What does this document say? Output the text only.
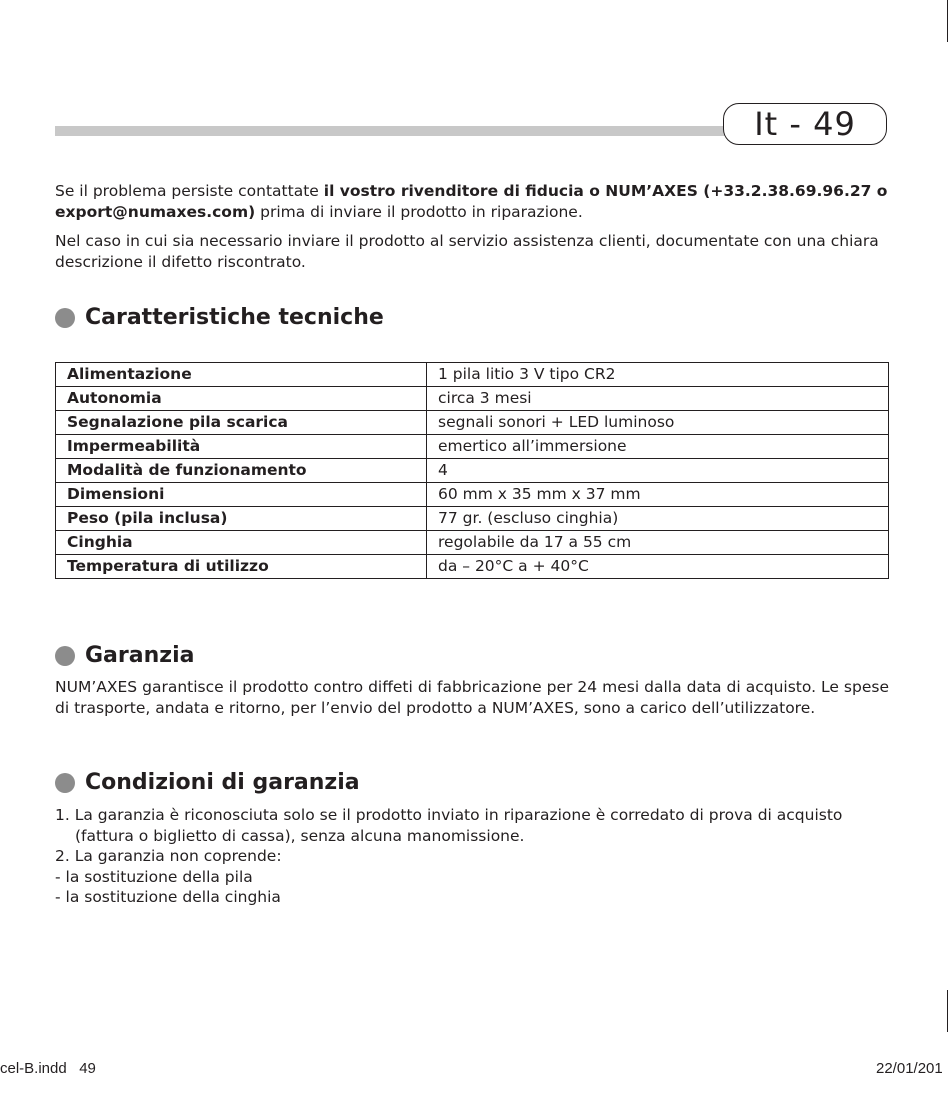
It - 49

Se il problema persiste contattate il vostro rivenditore di fiducia o NUM’AXES (+33.2.38.69.96.27 o export@numaxes.com) prima di inviare il prodotto in riparazione.

Nel caso in cui sia necessario inviare il prodotto al servizio assistenza clienti, documentate con una chiara descrizione il difetto riscontrato.

Caratteristiche tecniche
Alimentazione	1 pila litio 3 V tipo CR2
Autonomia	circa 3 mesi
Segnalazione pila scarica	segnali sonori + LED luminoso
Impermeabilità	emertico all’immersione
Modalità de funzionamento	4
Dimensioni	60 mm x 35 mm x 37 mm
Peso (pila inclusa)	77 gr. (escluso cinghia)
Cinghia	regolabile da 17 a 55 cm
Temperatura di utilizzo	da – 20°C a + 40°C
Garanzia

NUM’AXES garantisce il prodotto contro diffeti di fabbricazione per 24 mesi dalla data di acquisto. Le spese di trasporte, andata e ritorno, per l’envio del prodotto a NUM’AXES, sono a carico dell’utilizzatore.

Condizioni di garanzia
1. La garanzia è riconosciuta solo se il prodotto inviato in riparazione è corredato di prova di acquisto
(fattura o biglietto di cassa), senza alcuna manomissione.
2. La garanzia non coprende:
- la sostituzione della pila
- la sostituzione della cinghia
cel-B.indd   49	22/01/201
